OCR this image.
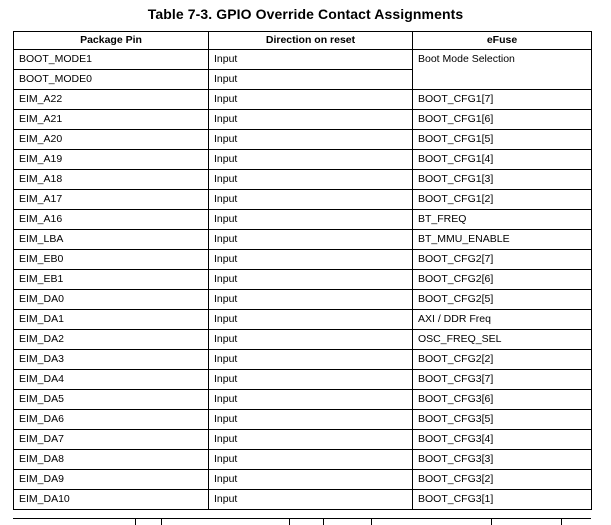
Table 7-3. GPIO Override Contact Assignments
Package Pin	Direction on reset	eFuse
BOOT_MODE1	Input	Boot Mode Selection
BOOT_MODE0	Input	
EIM_A22	Input	BOOT_CFG1[7]
EIM_A21	Input	BOOT_CFG1[6]
EIM_A20	Input	BOOT_CFG1[5]
EIM_A19	Input	BOOT_CFG1[4]
EIM_A18	Input	BOOT_CFG1[3]
EIM_A17	Input	BOOT_CFG1[2]
EIM_A16	Input	BT_FREQ
EIM_LBA	Input	BT_MMU_ENABLE
EIM_EB0	Input	BOOT_CFG2[7]
EIM_EB1	Input	BOOT_CFG2[6]
EIM_DA0	Input	BOOT_CFG2[5]
EIM_DA1	Input	AXI / DDR Freq
EIM_DA2	Input	OSC_FREQ_SEL
EIM_DA3	Input	BOOT_CFG2[2]
EIM_DA4	Input	BOOT_CFG3[7]
EIM_DA5	Input	BOOT_CFG3[6]
EIM_DA6	Input	BOOT_CFG3[5]
EIM_DA7	Input	BOOT_CFG3[4]
EIM_DA8	Input	BOOT_CFG3[3]
EIM_DA9	Input	BOOT_CFG3[2]
EIM_DA10	Input	BOOT_CFG3[1]
